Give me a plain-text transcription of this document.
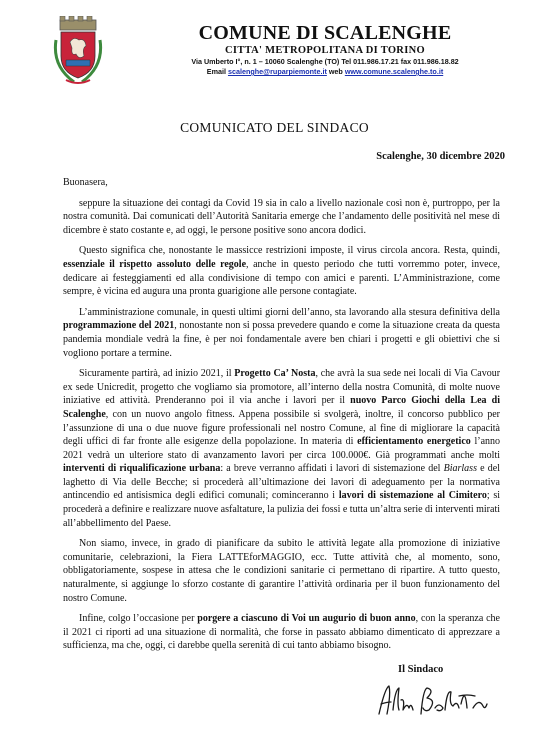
COMUNE DI SCALENGHE
CITTA' METROPOLITANA DI TORINO
Via Umberto I°, n. 1 – 10060 Scalenghe (TO) Tel 011.986.17.21 fax 011.986.18.82
Email scalenghe@ruparpiemonte.it web www.comune.scalenghe.to.it
COMUNICATO DEL SINDACO
Scalenghe, 30 dicembre 2020

Buonasera,

seppure la situazione dei contagi da Covid 19 sia in calo a livello nazionale così non è, purtroppo, per la nostra comunità. Dai comunicati dell’Autorità Sanitaria emerge che l’andamento delle positività nel mese di dicembre è stato costante e, ad oggi, le persone positive sono ancora dodici.

Questo significa che, nonostante le massicce restrizioni imposte, il virus circola ancora. Resta, quindi, essenziale il rispetto assoluto delle regole, anche in questo periodo che tutti vorremmo poter, invece, dedicare ai festeggiamenti ed alla condivisione di tempo con amici e parenti. L’Amministrazione, come sempre, è vicina ed augura una pronta guarigione alle persone contagiate.

L’amministrazione comunale, in questi ultimi giorni dell’anno, sta lavorando alla stesura definitiva della programmazione del 2021, nonostante non si possa prevedere quando e come la situazione creata da questa pandemia mondiale vedrà la fine, è per noi fondamentale avere ben chiari i progetti e gli obiettivi che si vogliono portare a termine.

Sicuramente partirà, ad inizio 2021, il Progetto Ca’ Nosta, che avrà la sua sede nei locali di Via Cavour ex sede Unicredit, progetto che vogliamo sia promotore, all’interno della nostra Comunità, di molte nuove iniziative ed attività. Prenderanno poi il via anche i lavori per il nuovo Parco Giochi della Lea di Scalenghe, con un nuovo angolo fitness. Appena possibile si svolgerà, inoltre, il concorso pubblico per l’assunzione di una o due nuove figure professionali nel nostro Comune, al fine di migliorare la capacità degli uffici di far fronte alle esigenze della popolazione. In materia di efficientamento energetico l’anno 2021 vedrà un ulteriore stato di avanzamento lavori per circa 100.000€. Già programmati anche molti interventi di riqualificazione urbana: a breve verranno affidati i lavori di sistemazione del Biarlass e del laghetto di Via delle Becche; si procederà all’ultimazione dei lavori di adeguamento per la normativa antincendio ed antisismica degli edifici comunali; cominceranno i lavori di sistemazione al Cimitero; si procederà a definire e realizzare nuove asfaltature, la pulizia dei fossi e tutta un’altra serie di interventi mirati all’abbellimento del Paese.

Non siamo, invece, in grado di pianificare da subito le attività legate alla promozione di iniziative comunitarie, celebrazioni, la Fiera LATTEforMAGGIO, ecc. Tutte attività che, al momento, sono, obbligatoriamente, sospese in attesa che le condizioni sanitarie ci permettano di ripartire. A tutto questo, naturalmente, si aggiunge lo sforzo costante di garantire l’attività ordinaria per il buon funzionamento del nostro Comune.

Infine, colgo l’occasione per porgere a ciascuno di Voi un augurio di buon anno, con la speranza che il 2021 ci riporti ad una situazione di normalità, che forse in passato abbiamo dimenticato di apprezzare a sufficienza, ma che, oggi, ci darebbe quella serenità di cui tanto abbiamo bisogno.

Il Sindaco
